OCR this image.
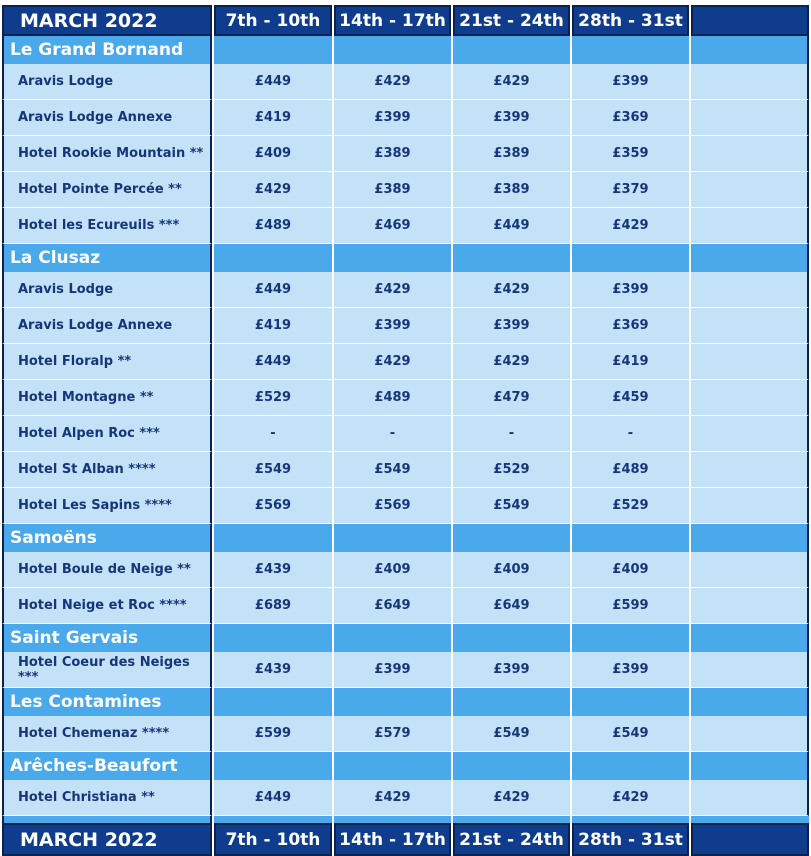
MARCH 2022	7th - 10th	14th - 17th 21st - 24th 28th - 31st
Le Grand Bornand
Aravis Lodge	£449	£429	£429	£399
Aravis Lodge Annexe	£419	£399	£399	£369
Hotel Rookie Mountain **	£409	£389	£389	£359
Hotel Pointe Percée **	£429	£389	£389	£379
Hotel les Ecureuils ***	£489	£469	£449	£429
La Clusaz
Aravis Lodge	£449	£429	£429	£399
Aravis Lodge Annexe	£419	£399	£399	£369
Hotel Floralp **	£449	£429	£429	£419
Hotel Montagne **	£529	£489	£479	£459
Hotel Alpen Roc ***	-	-	-	-
Hotel St Alban ****	£549	£549	£529	£489
Hotel Les Sapins ****	£569	£569	£549	£529
Samoëns
Hotel Boule de Neige **	£439	£409	£409	£409
Hotel Neige et Roc ****	£689	£649	£649	£599
Saint Gervais
Hotel Coeur des Neiges ***	£439	£399	£399	£399
Les Contamines
Hotel Chemenaz ****	£599	£579	£549	£549
Arêches-Beaufort
Hotel Christiana **	£449	£429	£429	£429
MARCH 2022	7th - 10th	14th - 17th 21st - 24th 28th - 31st
